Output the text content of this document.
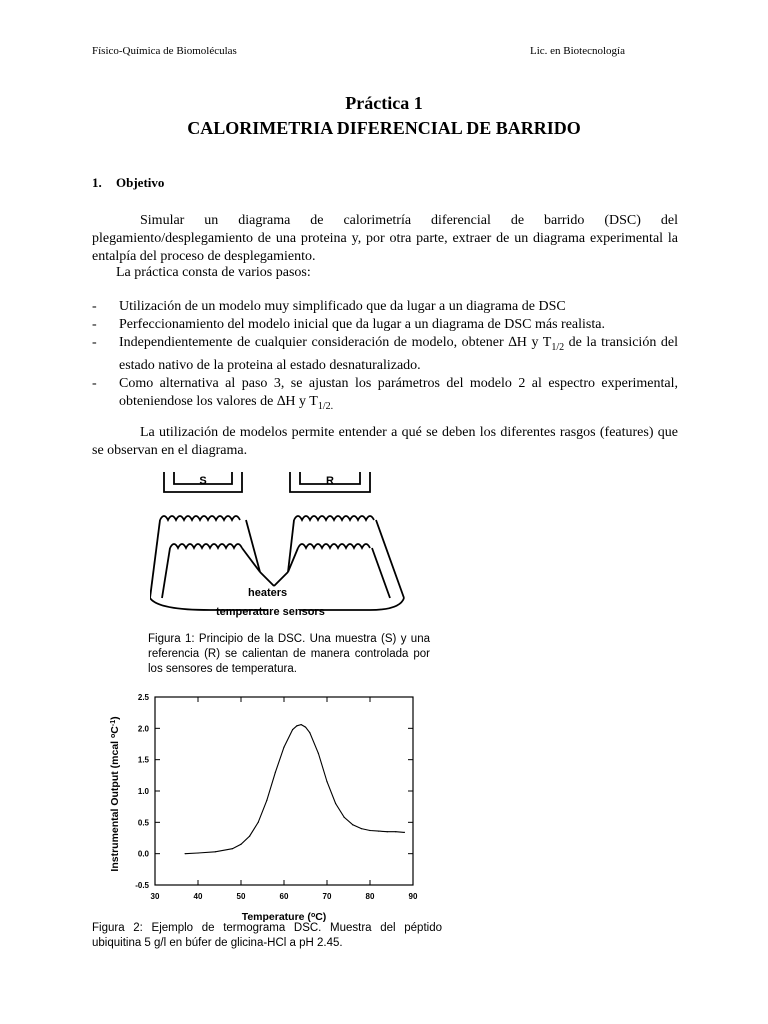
Físico-Química de Biomoléculas	Lic. en Biotecnología
Práctica 1
CALORIMETRIA DIFERENCIAL DE BARRIDO
1. Objetivo
Simular un diagrama de calorimetría diferencial de barrido (DSC) del plegamiento/desplegamiento de una proteina y, por otra parte, extraer de un diagrama experimental la entalpía del proceso de desplegamiento.
La práctica consta de varios pasos:
- Utilización de un modelo muy simplificado que da lugar a un diagrama de DSC
- Perfeccionamiento del modelo inicial que da lugar a un diagrama de DSC más realista.
- Independientemente de cualquier consideración de modelo, obtener ∆H y $T_{1/2}$ de la transición del estado nativo de la proteina al estado desnaturalizado.
- Como alternativa al paso 3, se ajustan los parámetros del modelo 2 al espectro experimental, obteniendose los valores de ∆H y $T_{1/2.}$
La utilización de modelos permite entender a qué se deben los diferentes rasgos (features) que se observan en el diagrama.
S	R
heaters
temperature sensors
Figura 1: Principio de la DSC. Una muestra (S) y una referencia (R) se calientan de manera controlada por los sensores de temperatura.
-0.5
0.0
0.5
1.0
1.5
2.0
2.5
30	40	50	60	70	80	90
Temperature ($^o$C)
Instrumental Output (mcal $^oC^{-1}$)
Figura 2: Ejemplo de termograma DSC. Muestra del péptido ubiquitina 5 g/l en búfer de glicina-HCl a pH 2.45.
